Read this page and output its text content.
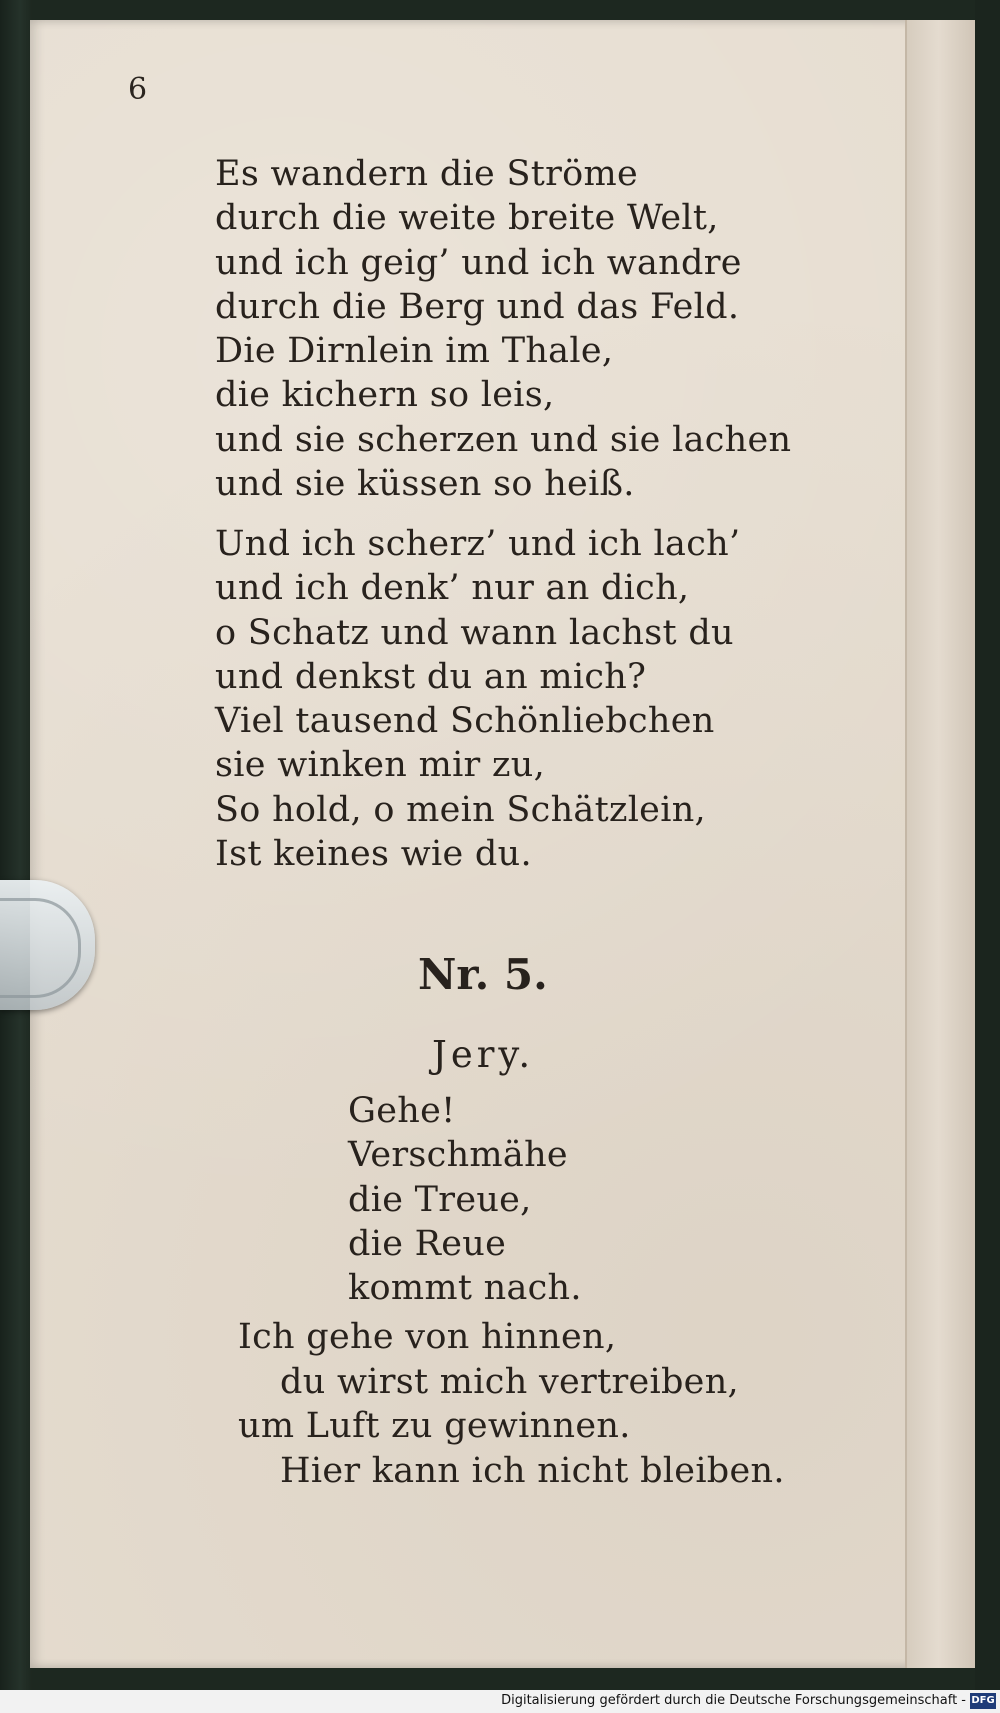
6
Es wandern die Ströme
durch die weite breite Welt,
und ich geig’ und ich wandre
durch die Berg und das Feld.
Die Dirnlein im Thale,
die kichern so leis,
und sie scherzen und sie lachen
und sie küssen so heiß.
Und ich scherz’ und ich lach’
und ich denk’ nur an dich,
o Schatz und wann lachst du
und denkst du an mich?
Viel tausend Schönliebchen
sie winken mir zu,
So hold, o mein Schätzlein,
Ist keines wie du.
Nr. 5.
Jery.
Gehe!
Verschmähe
die Treue,
die Reue
kommt nach.
Ich gehe von hinnen,
du wirst mich vertreiben,
um Luft zu gewinnen.
Hier kann ich nicht bleiben.
Digitalisierung gefördert durch die Deutsche Forschungsgemeinschaft - DFG
